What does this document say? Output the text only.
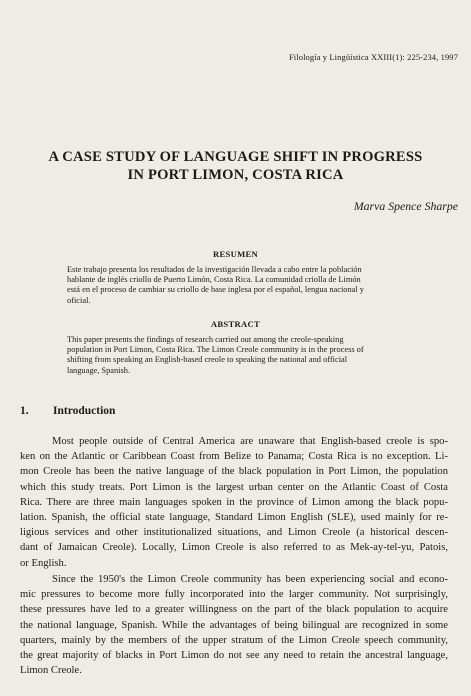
Filología y Lingüística XXIII(1): 225-234, 1997

A CASE STUDY OF LANGUAGE SHIFT IN PROGRESS
IN PORT LIMON, COSTA RICA

Marva Spence Sharpe

RESUMEN
Este trabajo presenta los resultados de la investigación llevada a cabo entre la población
hablante de inglés criollo de Puerto Limón, Costa Rica. La comunidad criolla de Limón
está en el proceso de cambiar su criollo de base inglesa por el español, lengua nacional y
oficial.
ABSTRACT
This paper presents the findings of research carried out among the creole-speaking
population in Port Limon, Costa Rica. The Limon Creole community is in the process of
shifting from speaking an English-based creole to speaking the national and official
language, Spanish.
1. Introduction
Most people outside of Central America are unaware that English-based creole is spo-
ken on the Atlantic or Caribbean Coast from Belize to Panama; Costa Rica is no exception. Li-
mon Creole has been the native language of the black population in Port Limon, the population
which this study treats. Port Limon is the largest urban center on the Atlantic Coast of Costa
Rica. There are three main languages spoken in the province of Limon among the black popu-
lation. Spanish, the official state language, Standard Limon English (SLE), used mainly for re-
ligious services and other institutionalized situations, and Limon Creole (a historical descen-
dant of Jamaican Creole). Locally, Limon Creole is also referred to as Mek-ay-tel-yu, Patois,
or English.
Since the 1950's the Limon Creole community has been experiencing social and econo-
mic pressures to become more fully incorporated into the larger community. Not surprisingly,
these pressures have led to a greater willingness on the part of the black population to acquire
the national language, Spanish. While the advantages of being bilingual are recognized in some
quarters, mainly by the members of the upper stratum of the Limon Creole speech community,
the great majority of blacks in Port Limon do not see any need to retain the ancestral language,
Limon Creole.
